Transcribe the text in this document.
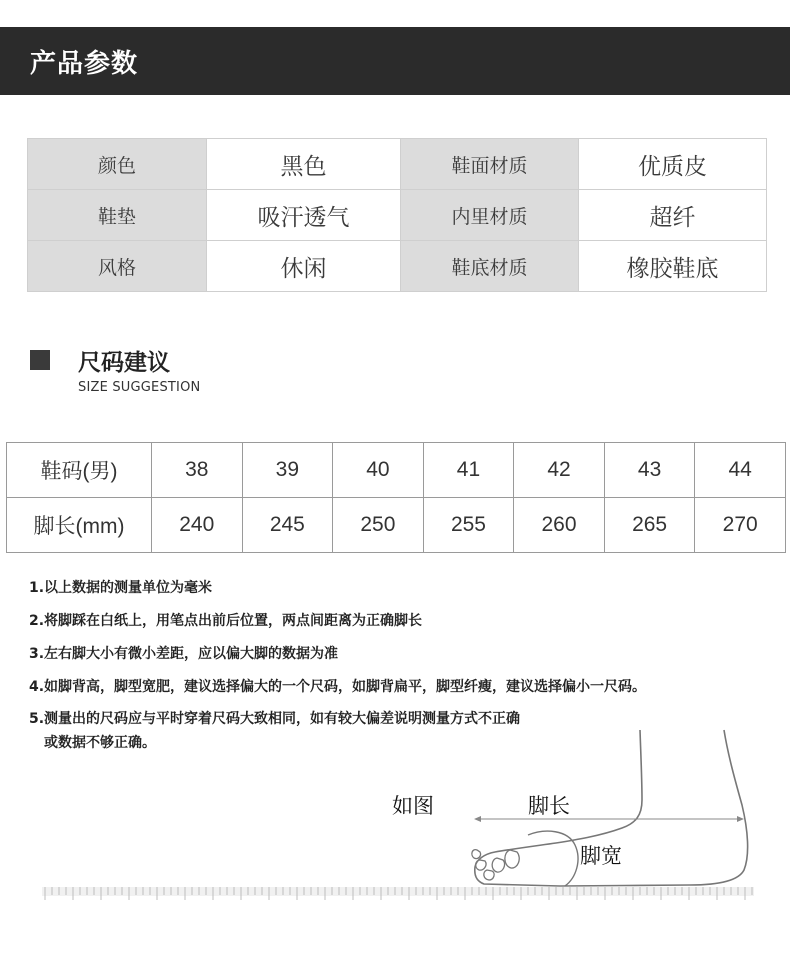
产品参数
颜色	黑色	鞋面材质	优质皮
鞋垫	吸汗透气	内里材质	超纤
风格	休闲	鞋底材质	橡胶鞋底
尺码建议
SIZE SUGGESTION
鞋码(男)	38	39	40	41	42	43	44
脚长(mm)	240	245	250	255	260	265	270
1.以上数据的测量单位为毫米
2.将脚踩在白纸上，用笔点出前后位置，两点间距离为正确脚长
3.左右脚大小有微小差距，应以偏大脚的数据为准
4.如脚背高，脚型宽肥，建议选择偏大的一个尺码，如脚背扁平，脚型纤瘦，建议选择偏小一尺码。
5.测量出的尺码应与平时穿着尺码大致相同，如有较大偏差说明测量方式不正确
或数据不够正确。
如图	脚长
脚宽
